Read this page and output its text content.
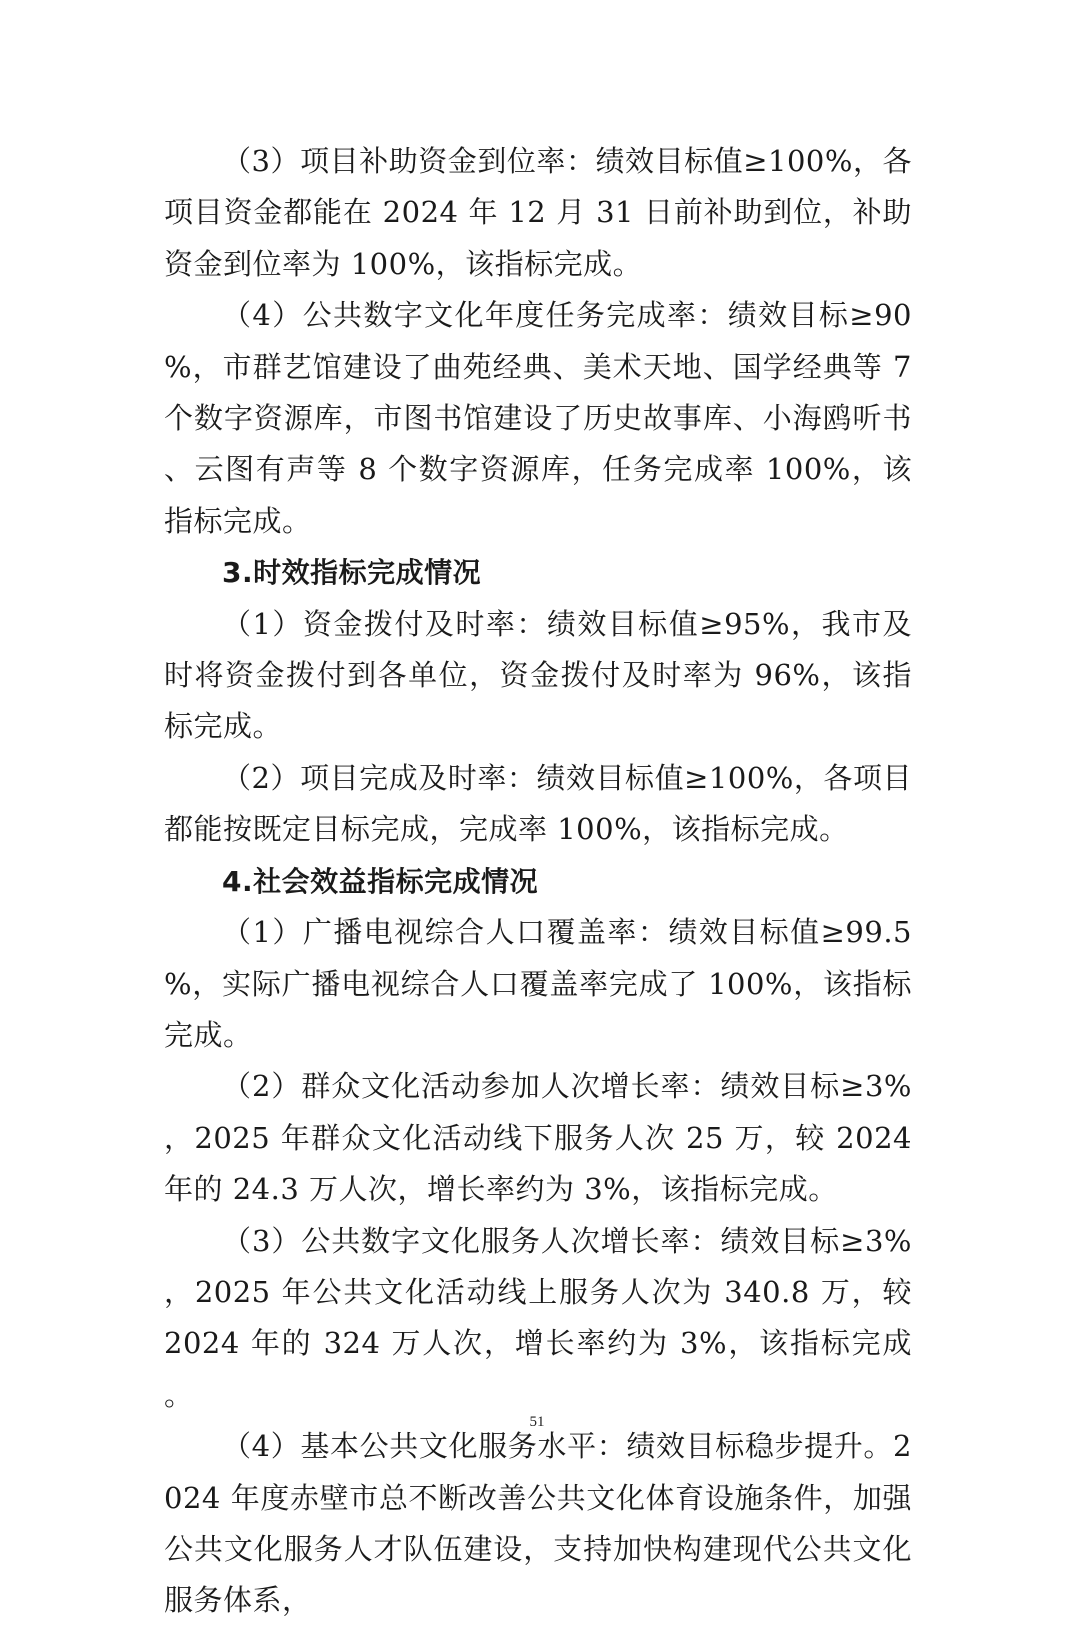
（3）项目补助资金到位率：绩效目标值≥100%，各项目资金都能在 2024 年 12 月 31 日前补助到位，补助资金到位率为 100%，该指标完成。

（4）公共数字文化年度任务完成率：绩效目标≥90%，市群艺馆建设了曲苑经典、美术天地、国学经典等 7 个数字资源库，市图书馆建设了历史故事库、小海鸥听书、云图有声等 8 个数字资源库，任务完成率 100%，该指标完成。

3.时效指标完成情况

（1）资金拨付及时率：绩效目标值≥95%，我市及时将资金拨付到各单位，资金拨付及时率为 96%，该指标完成。

（2）项目完成及时率：绩效目标值≥100%，各项目都能按既定目标完成，完成率 100%，该指标完成。

4.社会效益指标完成情况

（1）广播电视综合人口覆盖率：绩效目标值≥99.5%，实际广播电视综合人口覆盖率完成了 100%，该指标完成。

（2）群众文化活动参加人次增长率：绩效目标≥3%，2025 年群众文化活动线下服务人次 25 万，较 2024 年的 24.3 万人次，增长率约为 3%，该指标完成。

（3）公共数字文化服务人次增长率：绩效目标≥3%，2025 年公共文化活动线上服务人次为 340.8 万，较 2024 年的 324 万人次，增长率约为 3%，该指标完成。

（4）基本公共文化服务水平：绩效目标稳步提升。2024 年度赤壁市总不断改善公共文化体育设施条件，加强公共文化服务人才队伍建设，支持加快构建现代公共文化服务体系，

51
